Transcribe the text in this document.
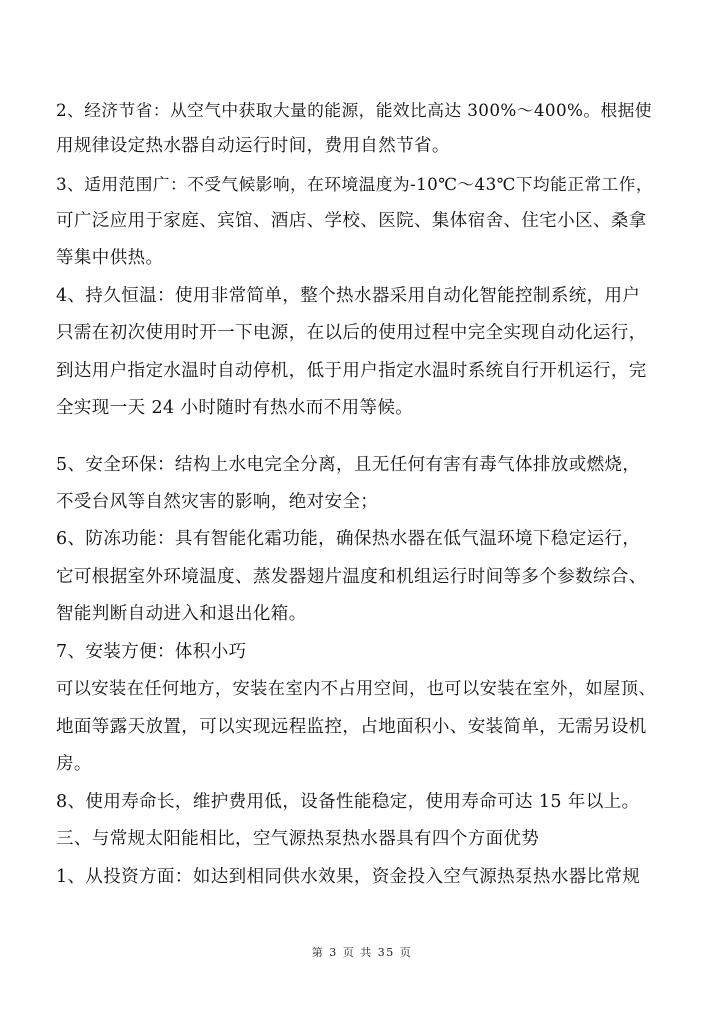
2、经济节省：从空气中获取大量的能源，能效比高达 300%～400%。根据使
用规律设定热水器自动运行时间，费用自然节省。
3、适用范围广：不受气候影响，在环境温度为-10℃～43℃下均能正常工作，
可广泛应用于家庭、宾馆、酒店、学校、医院、集体宿舍、住宅小区、桑拿
等集中供热。
4、持久恒温：使用非常简单，整个热水器采用自动化智能控制系统，用户
只需在初次使用时开一下电源，在以后的使用过程中完全实现自动化运行，
到达用户指定水温时自动停机，低于用户指定水温时系统自行开机运行，完
全实现一天 24 小时随时有热水而不用等候。
5、安全环保：结构上水电完全分离，且无任何有害有毒气体排放或燃烧，
不受台风等自然灾害的影响，绝对安全；
6、防冻功能：具有智能化霜功能，确保热水器在低气温环境下稳定运行，
它可根据室外环境温度、蒸发器翅片温度和机组运行时间等多个参数综合、
智能判断自动进入和退出化箱。
7、安装方便：体积小巧
可以安装在任何地方，安装在室内不占用空间，也可以安装在室外，如屋顶、
地面等露天放置，可以实现远程监控，占地面积小、安装简单，无需另设机
房。
8、使用寿命长，维护费用低，设备性能稳定，使用寿命可达 15 年以上。
三、与常规太阳能相比，空气源热泵热水器具有四个方面优势
1、从投资方面：如达到相同供水效果，资金投入空气源热泵热水器比常规
第 3 页 共 35 页
